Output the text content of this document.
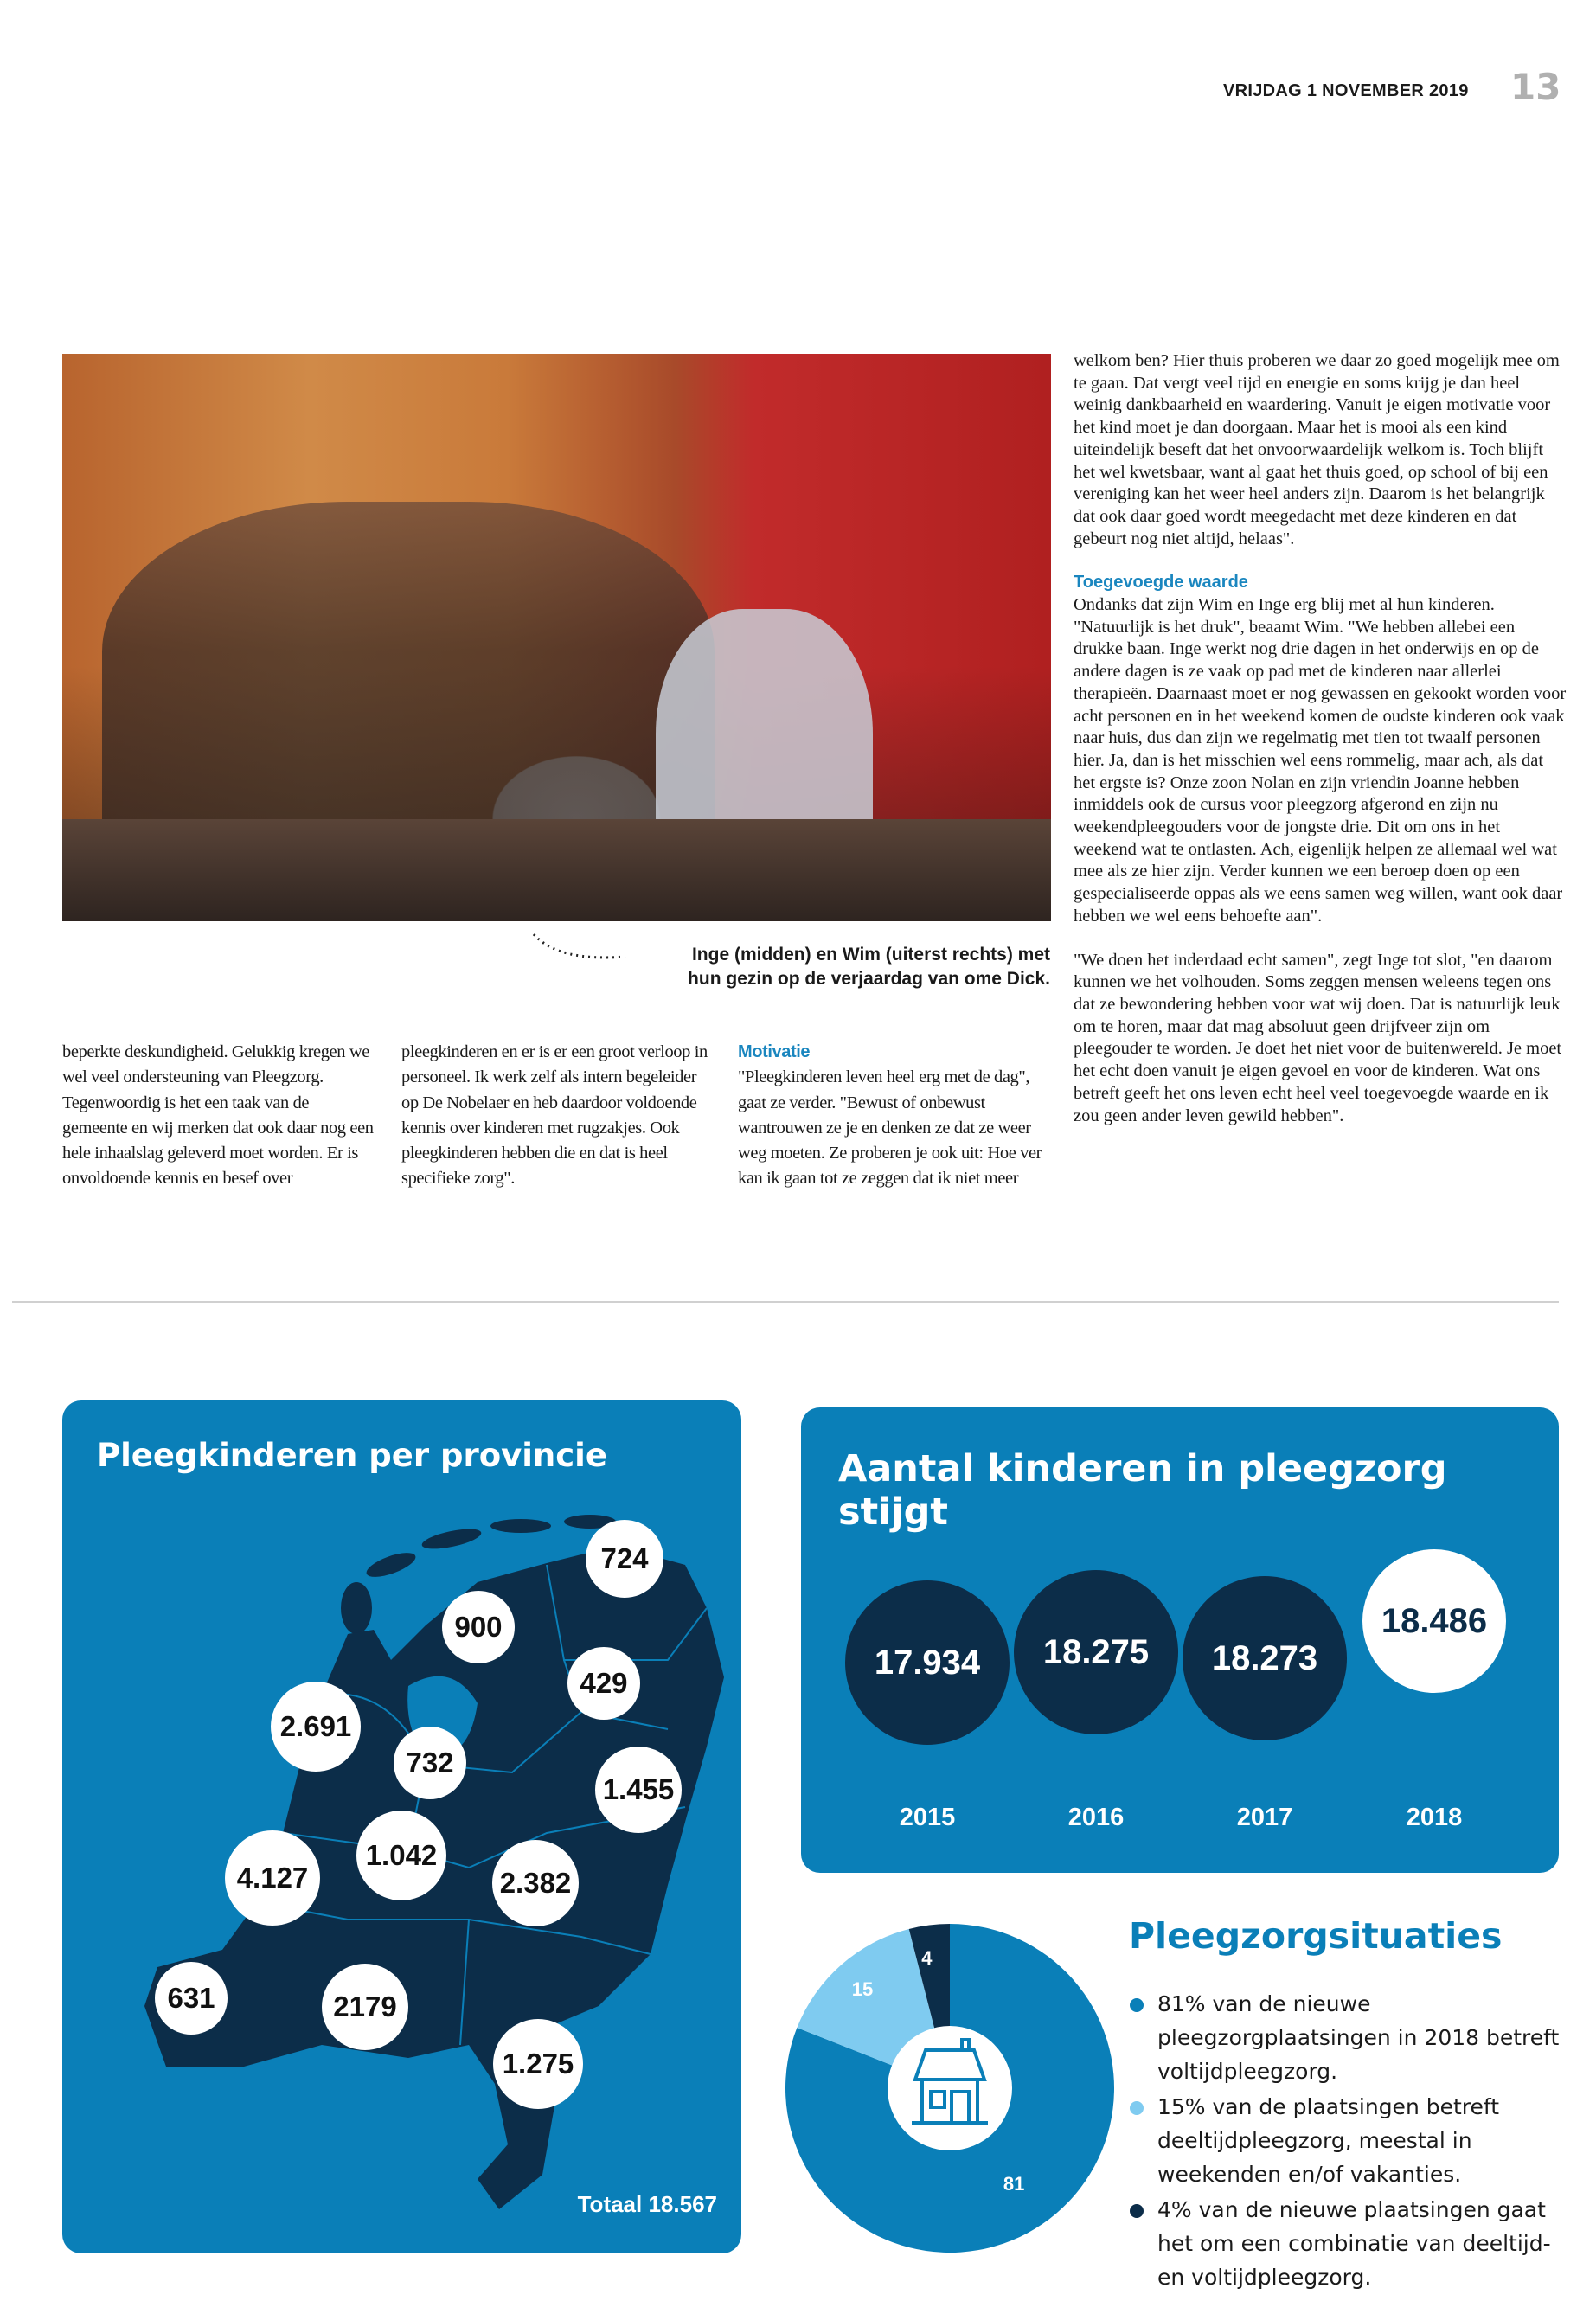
VRIJDAG 1 NOVEMBER 2019 13
Inge (midden) en Wim (uiterst rechts) met
hun gezin op de verjaardag van ome Dick.

welkom ben? Hier thuis proberen we daar zo goed mogelijk mee om te gaan. Dat vergt veel tijd en energie en soms krijg je dan heel weinig dankbaarheid en waardering. Vanuit je eigen motivatie voor het kind moet je dan doorgaan. Maar het is mooi als een kind uiteindelijk beseft dat het onvoorwaardelijk welkom is. Toch blijft het wel kwetsbaar, want al gaat het thuis goed, op school of bij een vereniging kan het weer heel anders zijn. Daarom is het belangrijk dat ook daar goed wordt meegedacht met deze kinderen en dat gebeurt nog niet altijd, helaas".

Toegevoegde waarde

Ondanks dat zijn Wim en Inge erg blij met al hun kinderen. "Natuurlijk is het druk", beaamt Wim. "We hebben allebei een drukke baan. Inge werkt nog drie dagen in het onderwijs en op de andere dagen is ze vaak op pad met de kinderen naar allerlei therapieën. Daarnaast moet er nog gewassen en gekookt worden voor acht personen en in het weekend komen de oudste kinderen ook vaak naar huis, dus dan zijn we regelmatig met tien tot twaalf personen hier. Ja, dan is het misschien wel eens rommelig, maar ach, als dat het ergste is? Onze zoon Nolan en zijn vriendin Joanne hebben inmiddels ook de cursus voor pleegzorg afgerond en zijn nu weekendpleegouders voor de jongste drie. Dit om ons in het weekend wat te ontlasten. Ach, eigenlijk helpen ze allemaal wel wat mee als ze hier zijn. Verder kunnen we een beroep doen op een gespecialiseerde oppas als we eens samen weg willen, want ook daar hebben we wel eens behoefte aan".

"We doen het inderdaad echt samen", zegt Inge tot slot, "en daarom kunnen we het volhouden. Soms zeggen mensen weleens tegen ons dat ze bewondering hebben voor wat wij doen. Dat is natuurlijk leuk om te horen, maar dat mag absoluut geen drijfveer zijn om pleegouder te worden. Je doet het niet voor de buitenwereld. Je moet het echt doen vanuit je eigen gevoel en voor de kinderen. Wat ons betreft geeft het ons leven echt heel veel toegevoegde waarde en ik zou geen ander leven gewild hebben".

beperkte deskundigheid. Gelukkig kregen we wel veel ondersteuning van Pleegzorg. Tegenwoordig is het een taak van de gemeente en wij merken dat ook daar nog een hele inhaalslag geleverd moet worden. Er is onvoldoende kennis en besef over

pleegkinderen en er is er een groot verloop in personeel. Ik werk zelf als intern begeleider op De Nobelaer en heb daardoor voldoende kennis over kinderen met rugzakjes. Ook pleegkinderen hebben die en dat is heel specifieke zorg".

Motivatie

"Pleegkinderen leven heel erg met de dag", gaat ze verder. "Bewust of onbewust wantrouwen ze je en denken ze dat ze weer weg moeten. Ze proberen je ook uit: Hoe ver kan ik gaan tot ze zeggen dat ik niet meer

Pleegkinderen per provincie
724
900
429
2.691
732
1.455
1.042
4.127	2.382
631	2179
1.275
Totaal 18.567
Aantal kinderen in pleegzorg stijgt
17.934
2015
18.275
2016
18.273
2017
18.486
2018
81
15
4
Pleegzorgsituaties
81% van de nieuwe pleegzorgplaatsingen in 2018 betreft voltijdpleegzorg.
15% van de plaatsingen betreft deeltijdpleegzorg, meestal in weekenden en/of vakanties.
4% van de nieuwe plaatsingen gaat het om een combinatie van deeltijd- en voltijdpleegzorg.
